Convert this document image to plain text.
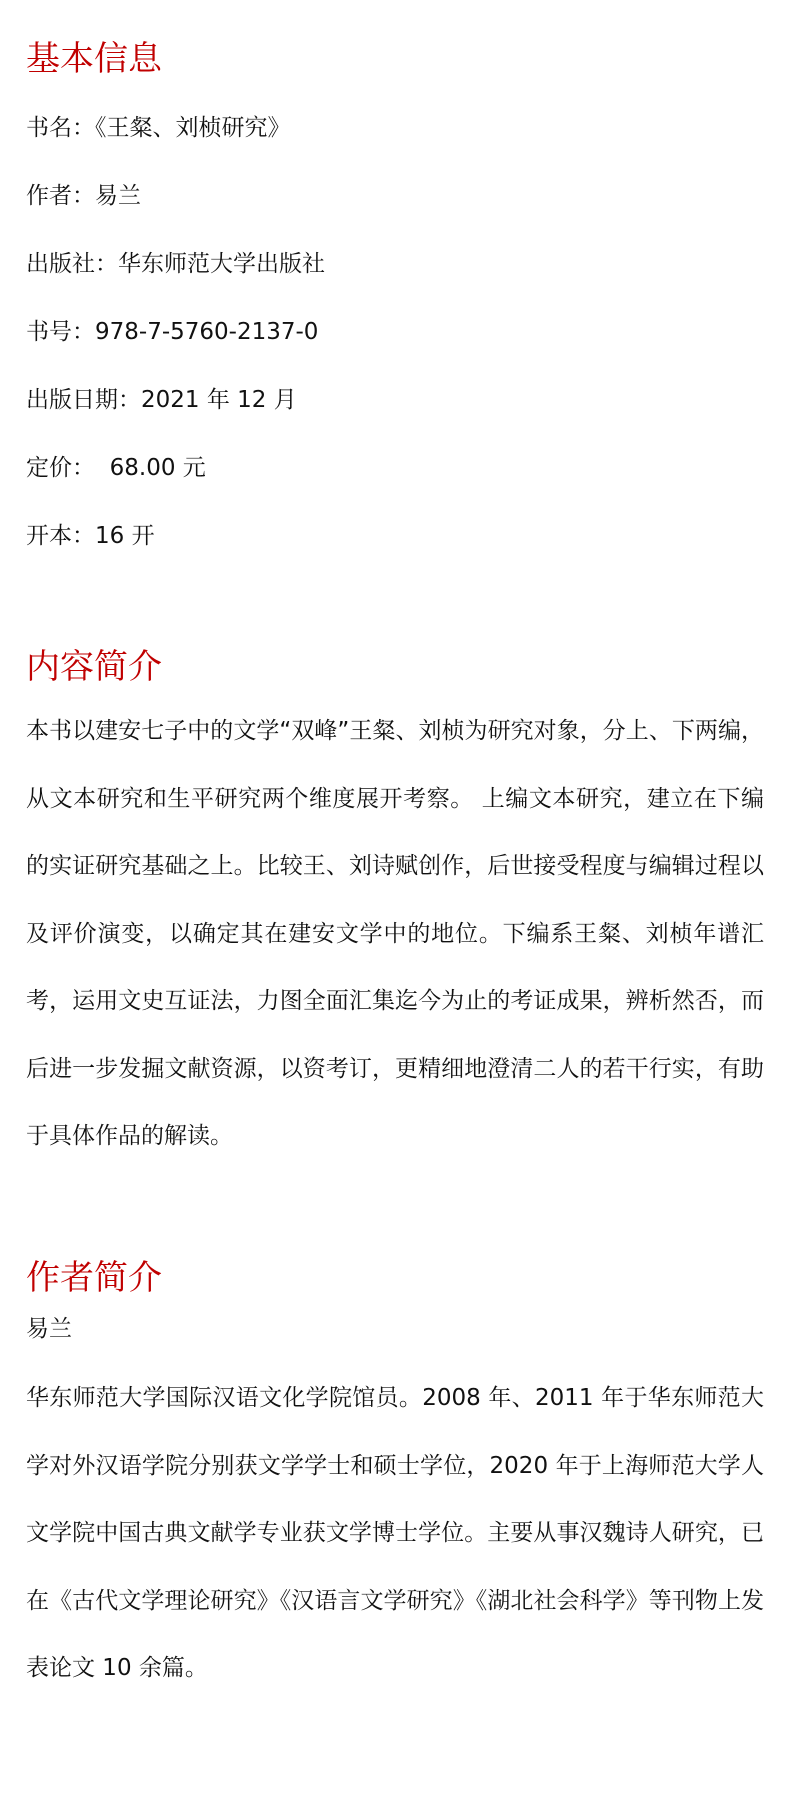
基本信息

书名：《王粲、刘桢研究》

作者：易兰

出版社：华东师范大学出版社

书号：978-7-5760-2137-0

出版日期：2021 年 12 月

定价：  68.00 元

开本：16 开

内容简介

本书以建安七子中的文学“双峰”王粲、刘桢为研究对象，分上、下两编，从文本研究和生平研究两个维度展开考察。 上编文本研究，建立在下编的实证研究基础之上。比较王、刘诗赋创作，后世接受程度与编辑过程以及评价演变，以确定其在建安文学中的地位。下编系王粲、刘桢年谱汇考，运用文史互证法，力图全面汇集迄今为止的考证成果，辨析然否，而后进一步发掘文献资源，以资考订，更精细地澄清二人的若干行实，有助于具体作品的解读。

作者简介

易兰

华东师范大学国际汉语文化学院馆员。2008 年、2011 年于华东师范大学对外汉语学院分别获文学学士和硕士学位，2020 年于上海师范大学人文学院中国古典文献学专业获文学博士学位。主要从事汉魏诗人研究，已在《古代文学理论研究》《汉语言文学研究》《湖北社会科学》等刊物上发表论文 10 余篇。
